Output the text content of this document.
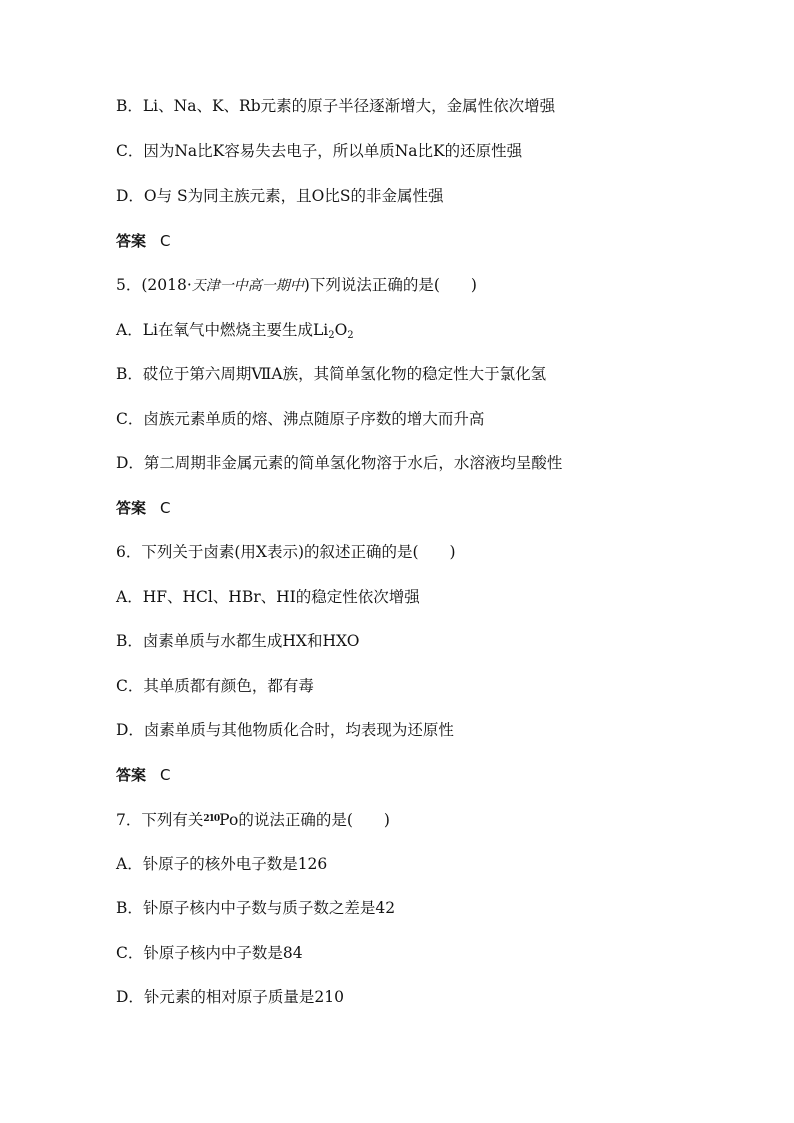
B．Li、Na、K、Rb元素的原子半径逐渐增大，金属性依次增强
C．因为Na比K容易失去电子，所以单质Na比K的还原性强
D．O与 S为同主族元素，且O比S的非金属性强
答案 C
5．(2018·天津一中高一期中)下列说法正确的是(　　)
A．Li在氧气中燃烧主要生成$Li_2O_2$
B．砹位于第六周期ⅦA族，其简单氢化物的稳定性大于氯化氢
C．卤族元素单质的熔、沸点随原子序数的增大而升高
D．第二周期非金属元素的简单氢化物溶于水后，水溶液均呈酸性
答案 C
6．下列关于卤素(用X表示)的叙述正确的是(　　)
A．HF、HCl、HBr、HI的稳定性依次增强
B．卤素单质与水都生成HX和HXO
C．其单质都有颜色，都有毒
D．卤素单质与其他物质化合时，均表现为还原性
答案 C
7．下列有关$^{210}$Po的说法正确的是(　　)
A．钋原子的核外电子数是126
B．钋原子核内中子数与质子数之差是42
C．钋原子核内中子数是84
D．钋元素的相对原子质量是210
